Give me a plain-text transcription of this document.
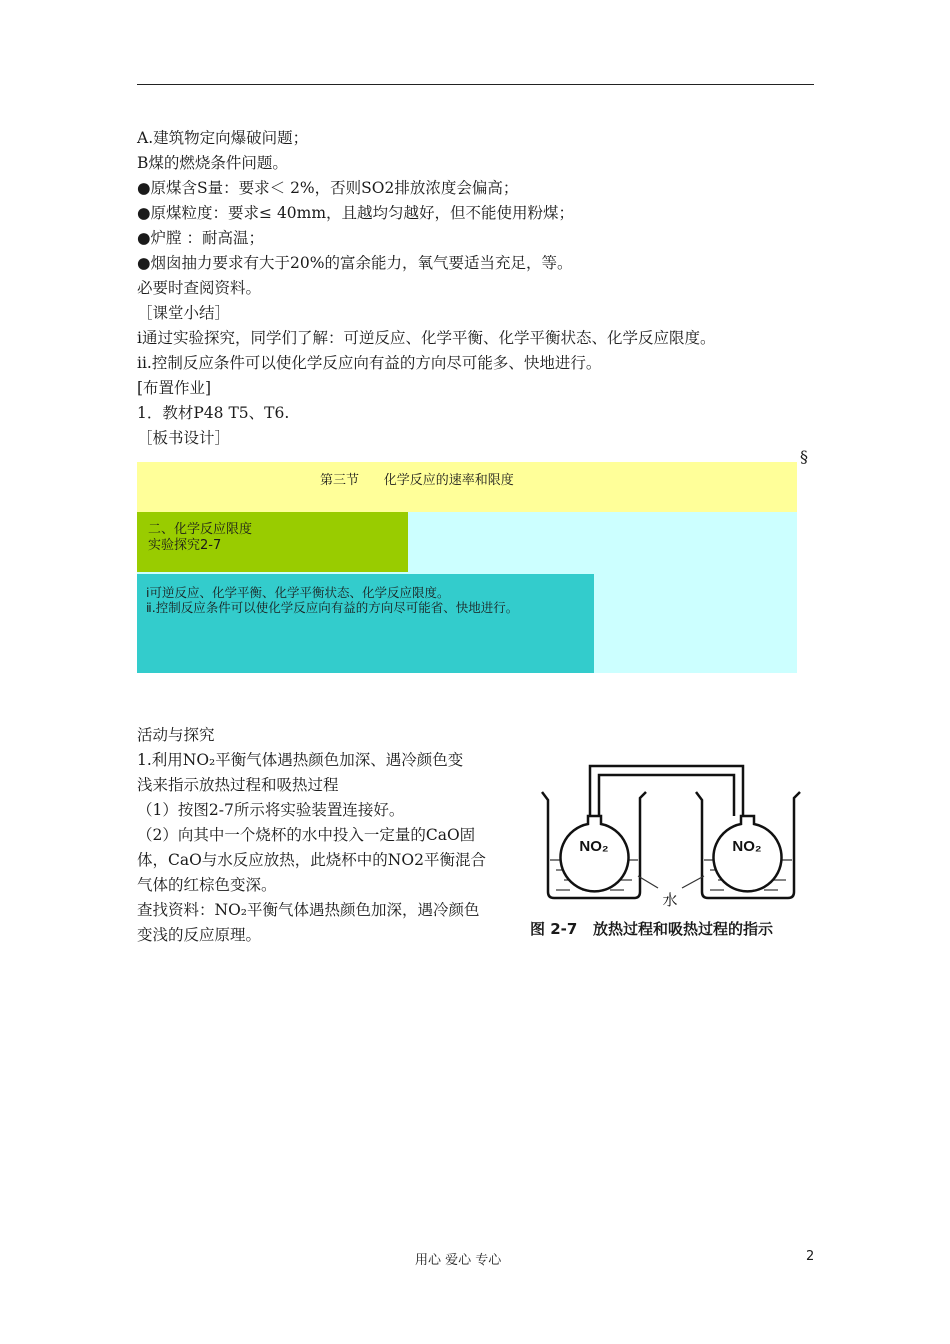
A.建筑物定向爆破问题；
B煤的燃烧条件问题。
●原煤含S量：要求＜ 2%，否则SO2排放浓度会偏高；
●原煤粒度：要求≤ 40mm，且越均匀越好，但不能使用粉煤；
●炉膛 ：耐高温；
●烟囱抽力要求有大于20%的富余能力，氧气要适当充足，等。
必要时查阅资料。
［课堂小结］
i通过实验探究，同学们了解：可逆反应、化学平衡、化学平衡状态、化学反应限度。
ii.控制反应条件可以使化学反应向有益的方向尽可能多、快地进行。
[布置作业]
1．教材P48 T5、T6.
［板书设计］
§
第三节      化学反应的速率和限度
二、化学反应限度
实验探究2-7
ⅰ可逆反应、化学平衡、化学平衡状态、化学反应限度。
ⅱ.控制反应条件可以使化学反应向有益的方向尽可能省、快地进行。
活动与探究
1.利用NO₂平衡气体遇热颜色加深、遇冷颜色变
浅来指示放热过程和吸热过程
（1）按图2-7所示将实验装置连接好。
（2）向其中一个烧杯的水中投入一定量的CaO固
体，CaO与水反应放热，此烧杯中的NO2平衡混合
气体的红棕色变深。
查找资料：NO₂平衡气体遇热颜色加深，遇冷颜色
变浅的反应原理。
NO₂	NO₂
水
图 2-7   放热过程和吸热过程的指示
用心 爱心 专心	2
